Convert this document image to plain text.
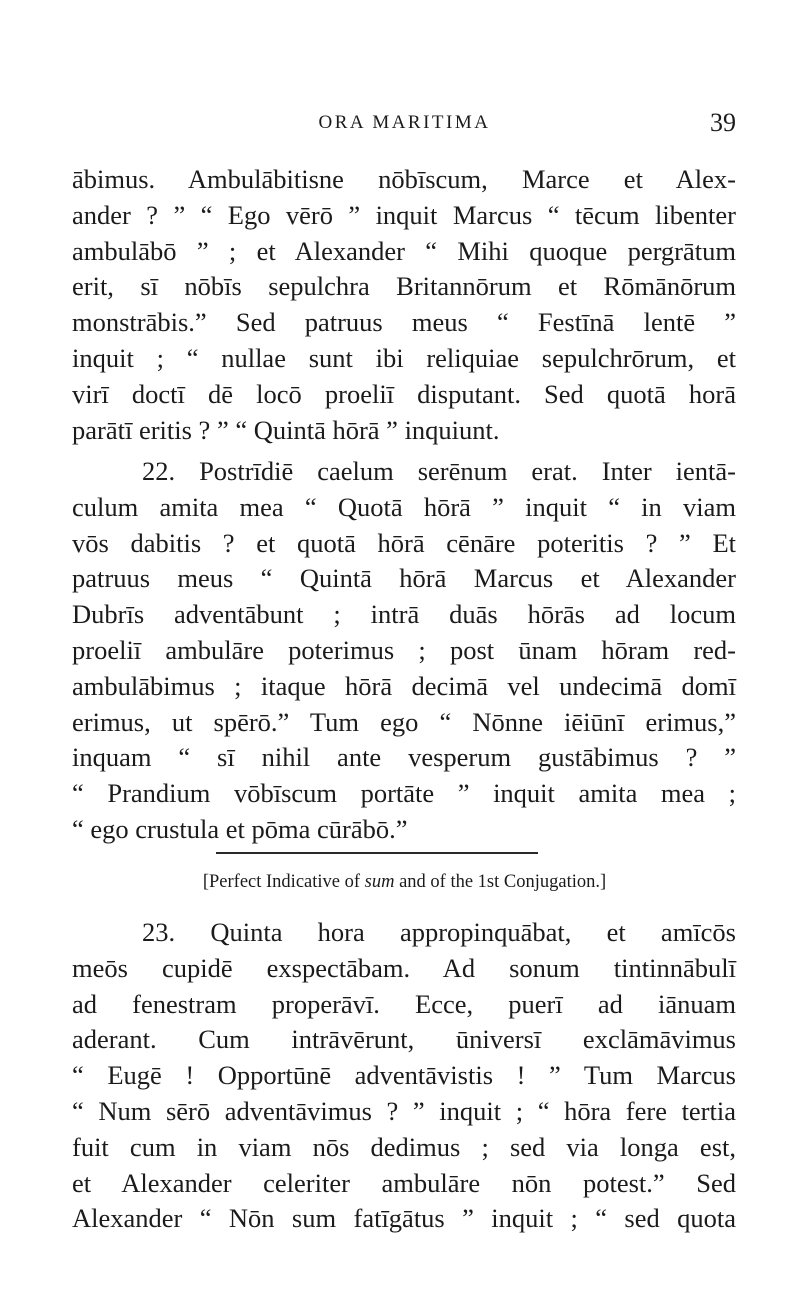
ORA MARITIMA	39
ābimus. Ambulābitisne nōbīscum, Marce et Alex-
ander ? ” “ Ego vērō ” inquit Marcus “ tēcum libenter
ambulābō ” ; et Alexander “ Mihi quoque pergrātum
erit, sī nōbīs sepulchra Britannōrum et Rōmānōrum
monstrābis.” Sed patruus meus “ Festīnā lentē ”
inquit ; “ nullae sunt ibi reliquiae sepulchrōrum, et
virī doctī dē locō proeliī disputant. Sed quotā horā
parātī eritis ? ” “ Quintā hōrā ” inquiunt.
22. Postrīdiē caelum serēnum erat. Inter ientā-
culum amita mea “ Quotā hōrā ” inquit “ in viam
vōs dabitis ? et quotā hōrā cēnāre poteritis ? ” Et
patruus meus “ Quintā hōrā Marcus et Alexander
Dubrīs adventābunt ; intrā duās hōrās ad locum
proeliī ambulāre poterimus ; post ūnam hōram red-
ambulābimus ; itaque hōrā decimā vel undecimā domī
erimus, ut spērō.” Tum ego “ Nōnne iēiūnī erimus,”
inquam “ sī nihil ante vesperum gustābimus ? ”
“ Prandium vōbīscum portāte ” inquit amita mea ;
“ ego crustula et pōma cūrābō.”
[Perfect Indicative of sum and of the 1st Conjugation.]
23. Quinta hora appropinquābat, et amīcōs
meōs cupidē exspectābam. Ad sonum tintinnābulī
ad fenestram properāvī. Ecce, puerī ad iānuam
aderant. Cum intrāvērunt, ūniversī exclāmāvimus
“ Eugē ! Opportūnē adventāvistis ! ” Tum Marcus
“ Num sērō adventāvimus ? ” inquit ; “ hōra fere tertia
fuit cum in viam nōs dedimus ; sed via longa est,
et Alexander celeriter ambulāre nōn potest.” Sed
Alexander “ Nōn sum fatīgātus ” inquit ; “ sed quota
